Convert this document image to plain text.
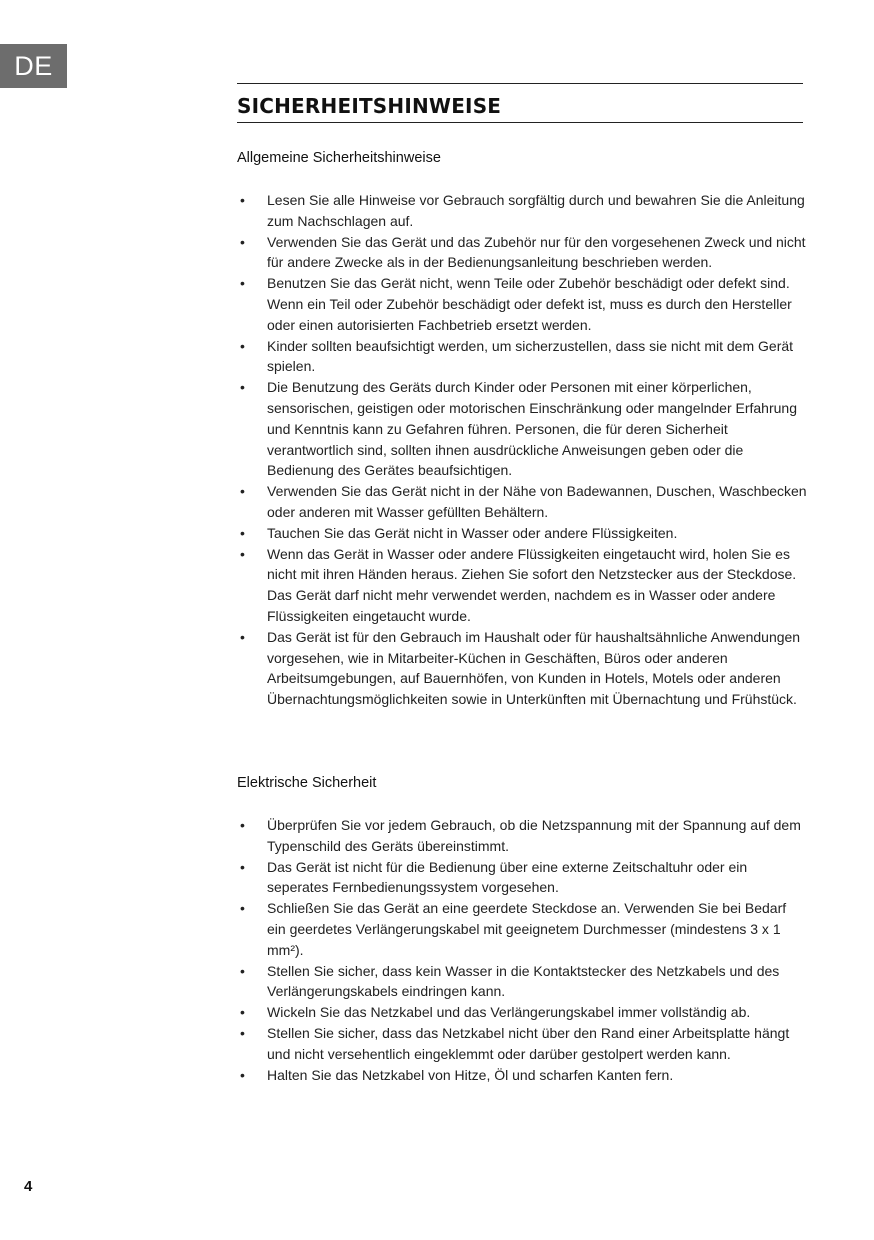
DE
SICHERHEITSHINWEISE
Allgemeine Sicherheitshinweise
• Lesen Sie alle Hinweise vor Gebrauch sorgfältig durch und bewahren Sie die Anleitung zum Nachschlagen auf.
• Verwenden Sie das Gerät und das Zubehör nur für den vorgesehenen Zweck und nicht für andere Zwecke als in der Bedienungsanleitung beschrieben werden.
• Benutzen Sie das Gerät nicht, wenn Teile oder Zubehör beschädigt oder defekt sind. Wenn ein Teil oder Zubehör beschädigt oder defekt ist, muss es durch den Hersteller oder einen autorisierten Fachbetrieb ersetzt werden.
• Kinder sollten beaufsichtigt werden, um sicherzustellen, dass sie nicht mit dem Gerät spielen.
• Die Benutzung des Geräts durch Kinder oder Personen mit einer körperlichen, sensorischen, geistigen oder motorischen Einschränkung oder mangelnder Erfahrung und Kenntnis kann zu Gefahren führen. Personen, die für deren Sicherheit verantwortlich sind, sollten ihnen ausdrückliche Anweisungen geben oder die Bedienung des Gerätes beaufsichtigen.
• Verwenden Sie das Gerät nicht in der Nähe von Badewannen, Duschen, Waschbecken oder anderen mit Wasser gefüllten Behältern.
• Tauchen Sie das Gerät nicht in Wasser oder andere Flüssigkeiten.
• Wenn das Gerät in Wasser oder andere Flüssigkeiten eingetaucht wird, holen Sie es nicht mit ihren Händen heraus. Ziehen Sie sofort den Netzstecker aus der Steckdose. Das Gerät darf nicht mehr verwendet werden, nachdem es in Wasser oder andere Flüssigkeiten eingetaucht wurde.
• Das Gerät ist für den Gebrauch im Haushalt oder für haushaltsähnliche Anwendungen vorgesehen, wie in Mitarbeiter-Küchen in Geschäften, Büros oder anderen Arbeitsumgebungen, auf Bauernhöfen, von Kunden in Hotels, Motels oder anderen Übernachtungsmöglichkeiten sowie in Unterkünften mit Übernachtung und Frühstück.
Elektrische Sicherheit
• Überprüfen Sie vor jedem Gebrauch, ob die Netzspannung mit der Spannung auf dem Typenschild des Geräts übereinstimmt.
• Das Gerät ist nicht für die Bedienung über eine externe Zeitschaltuhr oder ein seperates Fernbedienungssystem vorgesehen.
• Schließen Sie das Gerät an eine geerdete Steckdose an. Verwenden Sie bei Bedarf ein geerdetes Verlängerungskabel mit geeignetem Durchmesser (mindestens 3 x 1 mm²).
• Stellen Sie sicher, dass kein Wasser in die Kontaktstecker des Netzkabels und des Verlängerungskabels eindringen kann.
• Wickeln Sie das Netzkabel und das Verlängerungskabel immer vollständig ab.
• Stellen Sie sicher, dass das Netzkabel nicht über den Rand einer Arbeitsplatte hängt und nicht versehentlich eingeklemmt oder darüber gestolpert werden kann.
• Halten Sie das Netzkabel von Hitze, Öl und scharfen Kanten fern.
4
